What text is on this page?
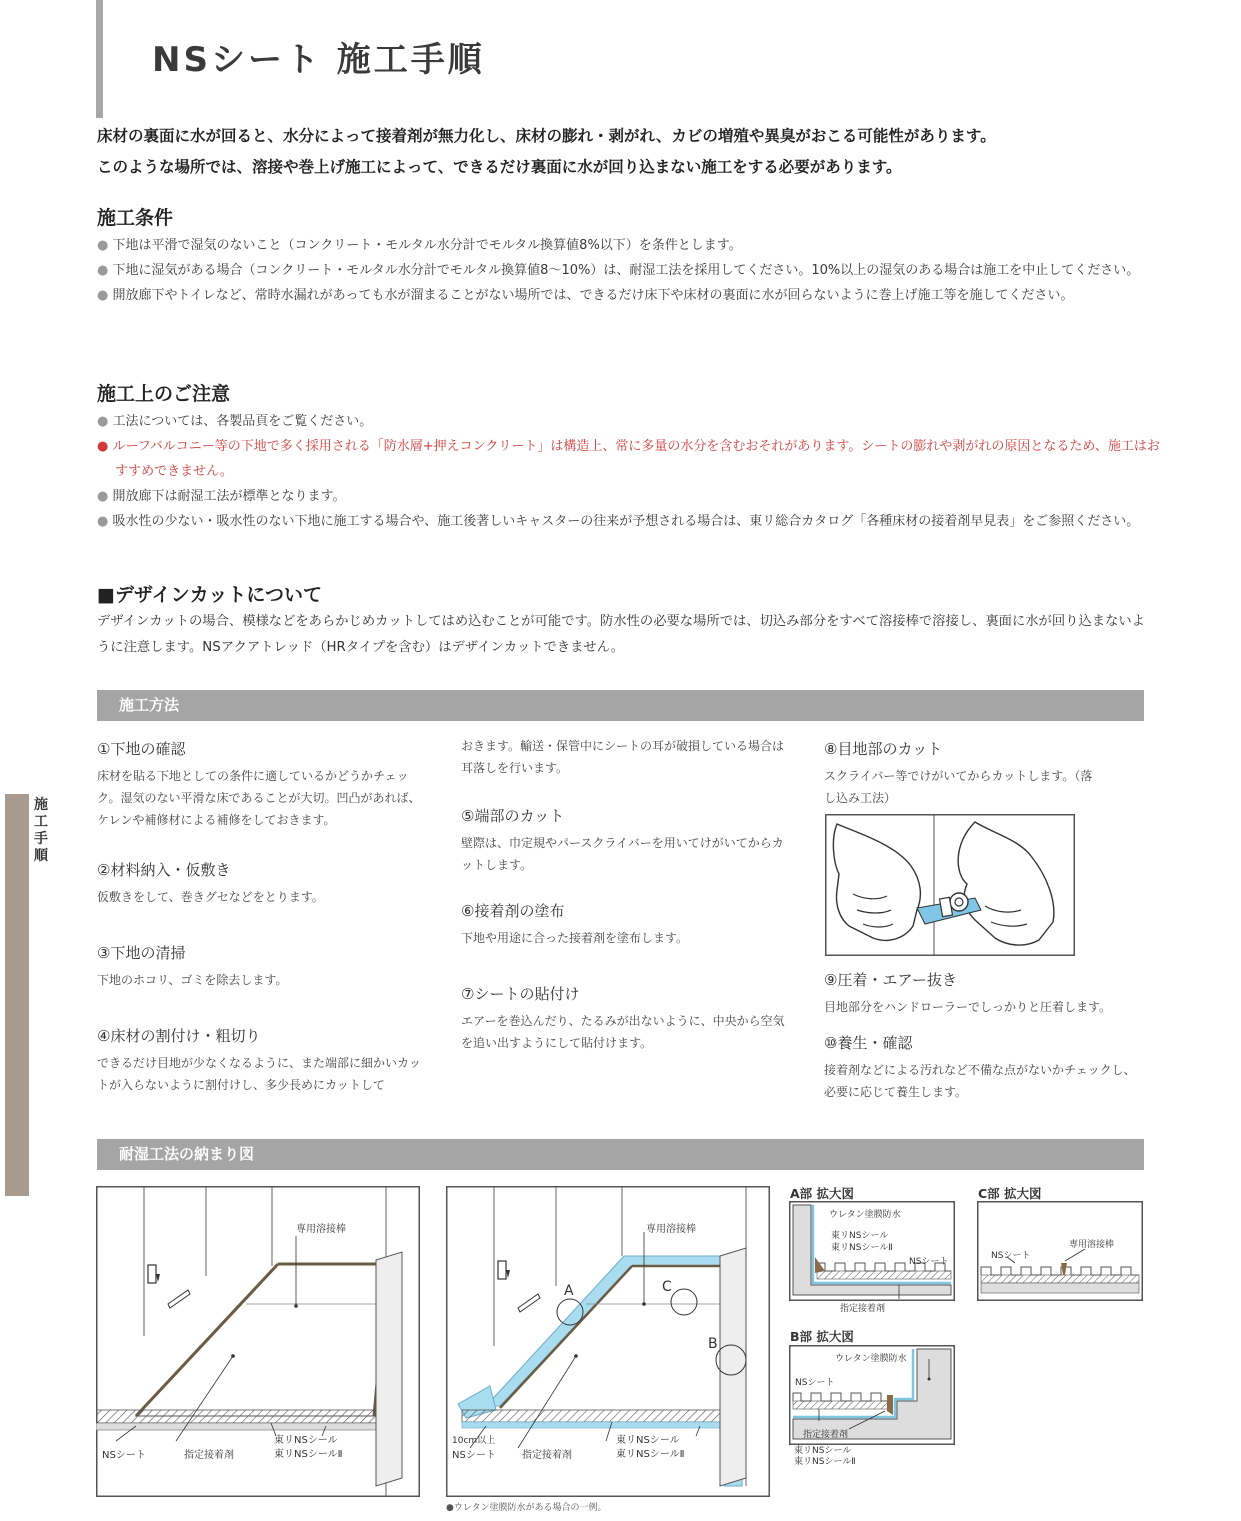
NSシート 施工手順
床材の裏面に水が回ると、水分によって接着剤が無力化し、床材の膨れ・剥がれ、カビの増殖や異臭がおこる可能性があります。
このような場所では、溶接や巻上げ施工によって、できるだけ裏面に水が回り込まない施工をする必要があります。
施工条件
● 下地は平滑で湿気のないこと（コンクリート・モルタル水分計でモルタル換算値8%以下）を条件とします。
● 下地に湿気がある場合（コンクリート・モルタル水分計でモルタル換算値8～10%）は、耐湿工法を採用してください。10%以上の湿気のある場合は施工を中止してください。
● 開放廊下やトイレなど、常時水漏れがあっても水が溜まることがない場所では、できるだけ床下や床材の裏面に水が回らないように巻上げ施工等を施してください。
施工上のご注意
● 工法については、各製品頁をご覧ください。
● ルーフバルコニー等の下地で多く採用される「防水層+押えコンクリート」は構造上、常に多量の水分を含むおそれがあります。シートの膨れや剥がれの原因となるため、施工はおすすめできません。
● 開放廊下は耐湿工法が標準となります。
● 吸水性の少ない・吸水性のない下地に施工する場合や、施工後著しいキャスターの往来が予想される場合は、東リ総合カタログ「各種床材の接着剤早見表」をご参照ください。
■デザインカットについて
デザインカットの場合、模様などをあらかじめカットしてはめ込むことが可能です。防水性の必要な場所では、切込み部分をすべて溶接棒で溶接し、裏面に水が回り込まないように注意します。NSアクアトレッド（HRタイプを含む）はデザインカットできません。
施工方法
施工手順
①下地の確認
床材を貼る下地としての条件に適しているかどうかチェック。湿気のない平滑な床であることが大切。凹凸があれば、ケレンや補修材による補修をしておきます。
②材料納入・仮敷き
仮敷きをして、巻きグセなどをとります。
③下地の清掃
下地のホコリ、ゴミを除去します。
④床材の割付け・粗切り
できるだけ目地が少なくなるように、また端部に細かいカットが入らないように割付けし、多少長めにカットして
おきます。輸送・保管中にシートの耳が破損している場合は耳落しを行います。
⑤端部のカット
壁際は、巾定規やパースクライバーを用いてけがいてからカットします。
⑥接着剤の塗布
下地や用途に合った接着剤を塗布します。
⑦シートの貼付け
エアーを巻込んだり、たるみが出ないように、中央から空気を追い出すようにして貼付けます。
⑧目地部のカット
スクライバー等でけがいてからカットします。（落し込み工法）
⑨圧着・エアー抜き
目地部分をハンドローラーでしっかりと圧着します。
⑩養生・確認
接着剤などによる汚れなど不備な点がないかチェックし、必要に応じて養生します。
耐湿工法の納まり図
専用溶接棒
NSシート	指定接着剤
東リNSシール
東リNSシールⅡ
専用溶接棒
A	C
B
10cm以上
NSシート	指定接着剤
東リNSシール
東リNSシールⅡ
●ウレタン塗膜防水がある場合の一例。
A部 拡大図
ウレタン塗膜防水
東リNSシール
東リNSシールⅡ
NSシート
指定接着剤
C部 拡大図
専用溶接棒
NSシート
B部 拡大図
ウレタン塗膜防水
NSシート
指定接着剤
東リNSシール
東リNSシールⅡ
